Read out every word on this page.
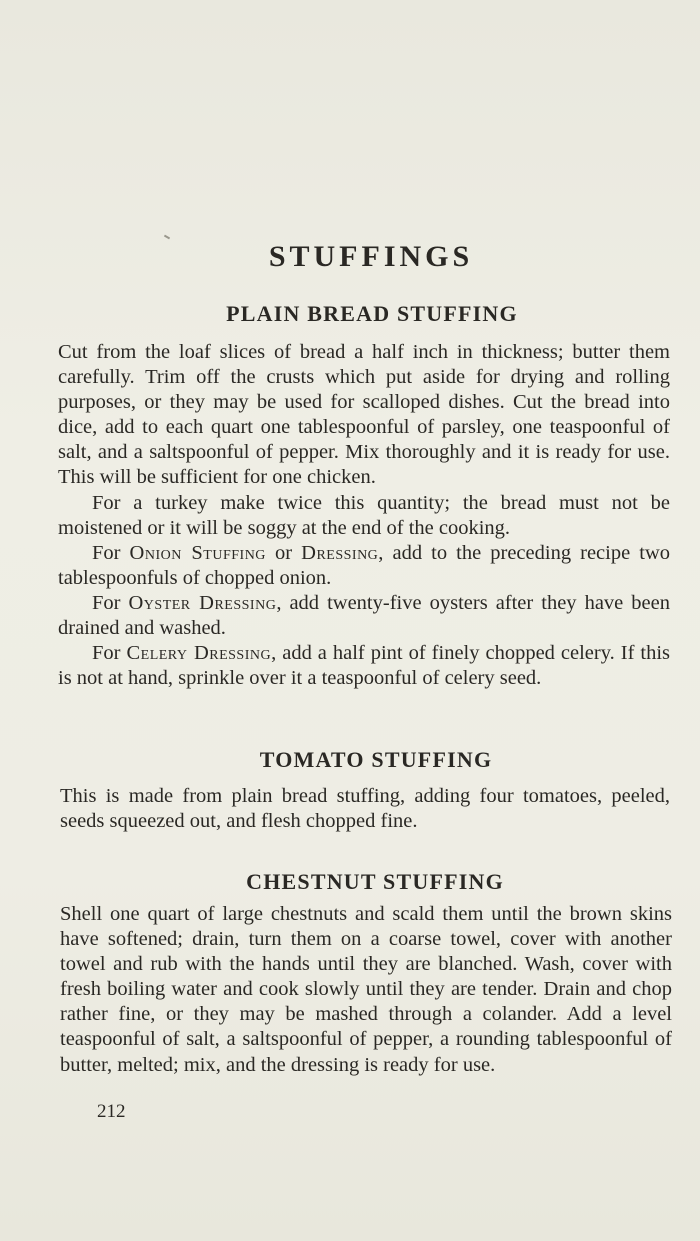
STUFFINGS
PLAIN BREAD STUFFING

Cut from the loaf slices of bread a half inch in thickness; butter them carefully. Trim off the crusts which put aside for drying and rolling purposes, or they may be used for scalloped dishes. Cut the bread into dice, add to each quart one tablespoonful of parsley, one teaspoonful of salt, and a saltspoonful of pepper. Mix thoroughly and it is ready for use. This will be sufficient for one chicken.

For a turkey make twice this quantity; the bread must not be moistened or it will be soggy at the end of the cooking.

For Onion Stuffing or Dressing, add to the preceding recipe two tablespoonfuls of chopped onion.

For Oyster Dressing, add twenty-five oysters after they have been drained and washed.

For Celery Dressing, add a half pint of finely chopped celery. If this is not at hand, sprinkle over it a teaspoonful of celery seed.

TOMATO STUFFING

This is made from plain bread stuffing, adding four tomatoes, peeled, seeds squeezed out, and flesh chopped fine.

CHESTNUT STUFFING

Shell one quart of large chestnuts and scald them until the brown skins have softened; drain, turn them on a coarse towel, cover with another towel and rub with the hands until they are blanched. Wash, cover with fresh boiling water and cook slowly until they are tender. Drain and chop rather fine, or they may be mashed through a colander. Add a level teaspoonful of salt, a saltspoonful of pepper, a rounding tablespoonful of butter, melted; mix, and the dressing is ready for use.

212
